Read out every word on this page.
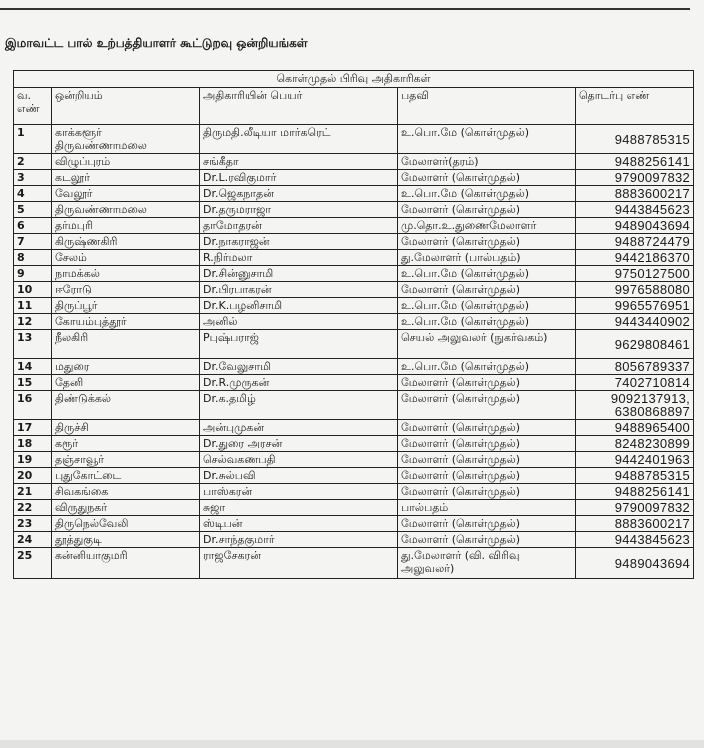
இமாவட்ட பால் உற்பத்தியாளர் கூட்டுறவு ஒன்றியங்கள்
கொள்முதல் பிரிவு அதிகாரிகள்				
வ. எண்	ஒன்றியம்	அதிகாரியின் பெயர்	பதவி	தொடர்பு எண்
1	காக்களூர் திருவண்ணாமலை	திருமதி.லீடியா மார்கரெட்	உ.பொ.மே (கொள்முதல்)	9488785315
2	விழுப்புரம்	சங்கீதா	மேலாளர்(தரம்)	9488256141
3	கடலூர்	Dr.L.ரவிகுமார்	மேலாளர் (கொள்முதல்)	9790097832
4	வேலூர்	Dr.ஜெகநாதன்	உ.பொ.மே (கொள்முதல்)	8883600217
5	திருவண்ணாமலை	Dr.தருமராஜா	மேலாளர் (கொள்முதல்)	9443845623
6	தர்மபுரி	தாமோதரன்	மு.தொ.உ.துணைமேலாளர்	9489043694
7	கிருஷ்ணகிரி	Dr.நாகராஜன்	மேலாளர் (கொள்முதல்)	9488724479
8	சேலம்	R.நிர்மலா	து.மேலாளர் (பால்பதம்)	9442186370
9	நாமக்கல்	Dr.சின்னுசாமி	உ.பொ.மே (கொள்முதல்)	9750127500
10	ஈரோடு	Dr.பிரபாகரன்	மேலாளர் (கொள்முதல்)	9976588080
11	திருப்பூர்	Dr.K.பழனிசாமி	உ.பொ.மே (கொள்முதல்)	9965576951
12	கோயம்புத்தூர்	அனில்	உ.பொ.மே (கொள்முதல்)	9443440902
13	நீலகிரி	Pபுஷ்பராஜ்	செயல் அலுவலர் (நுகர்வகம்)	9629808461
14	மதுரை	Dr.வேலுசாமி	உ.பொ.மே (கொள்முதல்)	8056789337
15	தேனி	Dr.R.முருகன்	மேலாளர் (கொள்முதல்)	7402710814
16	திண்டுக்கல்	Dr.க.தமிழ்	மேலாளர் (கொள்முதல்)	9092137913, 6380868897
17	திருச்சி	அன்புமுகன்	மேலாளர் (கொள்முதல்)	9488965400
18	கரூர்	Dr.துரை அரசன்	மேலாளர் (கொள்முதல்)	8248230899
19	தஞ்சாவூர்	செல்வகணபதி	மேலாளர் (கொள்முதல்)	9442401963
20	புதுகோட்டை	Dr.சுல்பவி	மேலாளர் (கொள்முதல்)	9488785315
21	சிவகங்கை	பாஸ்கரன்	மேலாளர் (கொள்முதல்)	9488256141
22	விருதுநகர்	சுஜா	பால்பதம்	9790097832
23	திருநெல்வேலி	ஸ்டிபன்	மேலாளர் (கொள்முதல்)	8883600217
24	தூத்துகுடி	Dr.சாந்தகுமார்	மேலாளர் (கொள்முதல்)	9443845623
25	கன்னியாகுமரி	ராஜசேகரன்	து.மேலாளர் (வி. விரிவு அலுவலர்)	9489043694
